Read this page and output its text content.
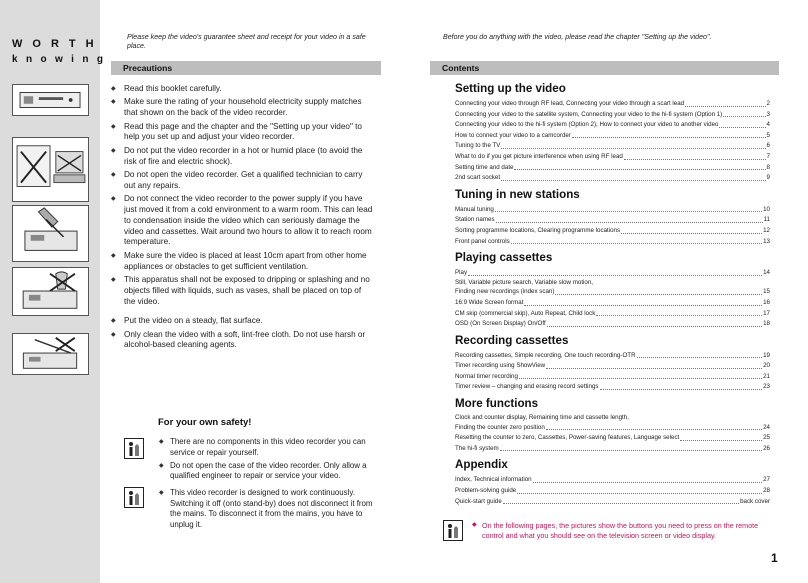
WORTH
knowing
Please keep the video's guarantee sheet and receipt for your video in a safe place.
Precautions
◆ Read this booklet carefully.
◆ Make sure the rating of your household electricity supply matches that shown on the back of the video recorder.
◆ Read this page and the chapter and the "Setting up your video" to help you set up and adjust your video recorder.
◆ Do not put the video recorder in a hot or humid place (to avoid the risk of fire and electric shock).
◆ Do not open the video recorder. Get a qualified technician to carry out any repairs.
◆ Do not connect the video recorder to the power supply if you have just moved it from a cold environment to a warm room. This can lead to condensation inside the video which can seriously damage the video and cassettes. Wait around two hours to allow it to reach room temperature.
◆ Make sure the video is placed at least 10cm apart from other home appliances or obstacles to get sufficient ventilation.
◆ This apparatus shall not be exposed to dripping or splashing and no objects filled with liquids, such as vases, shall be placed on top of the video.
◆ Put the video on a steady, flat surface.
◆ Only clean the video with a soft, lint-free cloth. Do not use harsh or alcohol-based cleaning agents.
For your own safety!
◆ There are no components in this video recorder you can service or repair yourself.
◆ Do not open the case of the video recorder. Only allow a qualified engineer to repair or service your video.
◆ This video recorder is designed to work continuously. Switching it off (onto stand-by) does not disconnect it from the mains. To disconnect it from the mains, you have to unplug it.
Before you do anything with the video, please read the chapter "Setting up the video".
Contents
Setting up the video
Connecting your video through RF lead, Connecting your video through a scart lead	2
Connecting your video to the satellite system, Connecting your video to the hi-fi system (Option 1)	3
Connecting your video to the hi-fi system (Option 2), How to connect your video to another video	4
How to connect your video to a camcorder	5
Tuning to the TV	6
What to do if you get picture interference when using RF lead	7
Setting time and date	8
2nd scart socket	9
Tuning in new stations
Manual tuning	10
Station names	11
Sorting programme locations, Clearing programme locations	12
Front panel controls	13
Playing cassettes
Play	14
Still, Variable picture search, Variable slow motion,
Finding new recordings (index scan)	15
16:9 Wide Screen format	16
CM skip (commercial skip), Auto Repeat, Child lock	17
OSD (On Screen Display) On/Off	18
Recording cassettes
Recording cassettes, Simple recording, One touch recording-OTR	19
Timer recording using ShowView	20
Normal timer recording	21
Timer review – changing and erasing record settings	23
More functions
Clock and counter display, Remaining time and cassette length,
Finding the counter zero position	24
Resetting the counter to zero, Cassettes, Power-saving features, Language select	25
The hi-fi system	26
Appendix
Index, Technical information	27
Problem-solving guide	28
Quick-start guide	back cover
◆ On the following pages, the pictures show the buttons you need to press on the remote control and what you should see on the television screen or video display.
1
